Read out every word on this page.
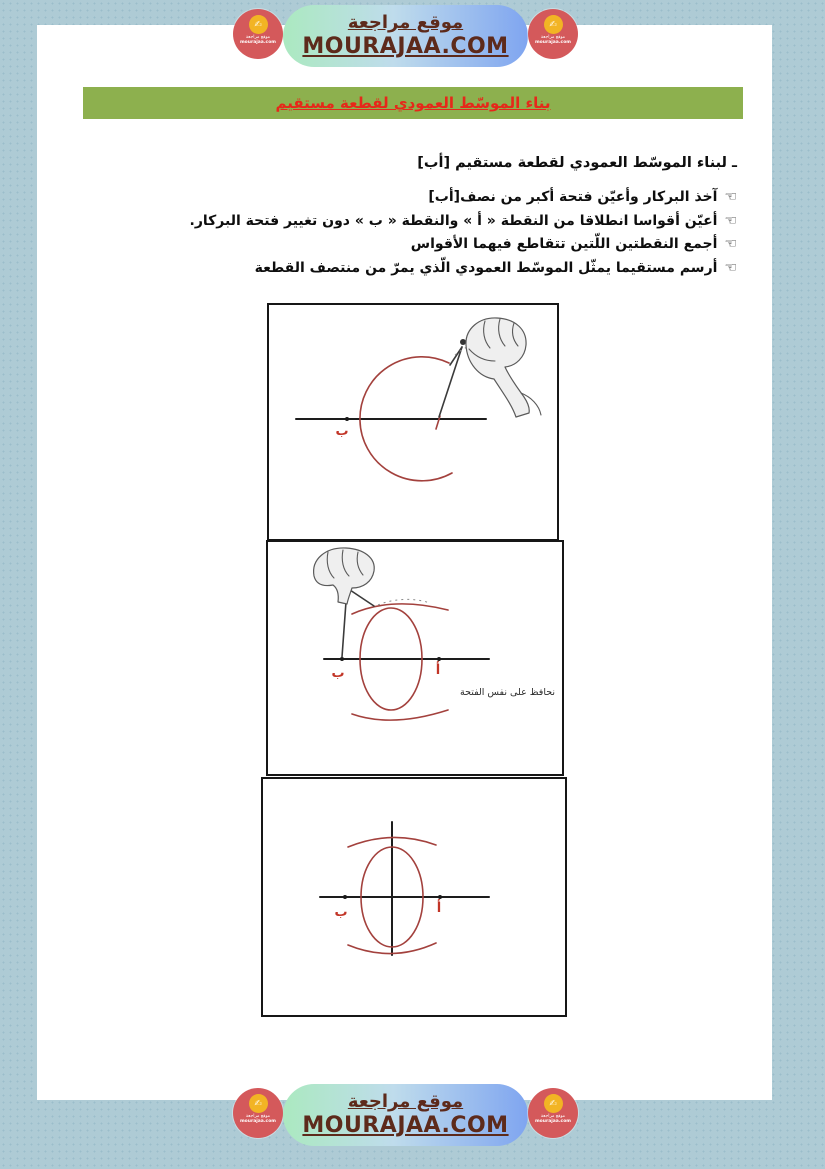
✍
موقع مراجعة
mourajaa.com
موقع مراجعة
MOURAJAA.COM
✍
موقع مراجعة
mourajaa.com
بناء الموسّط العمودي لقطعة مستقيم
ـ لبناء الموسّط العمودي لقطعة مستقيم [أب]
☜آخذ البركار وأعيّن فتحة أكبر من نصف[أب]
☜أعيّن أقواسا انطلاقا من النقطة « أ » والنقطة « ب » دون تغيير فتحة البركار.
☜أجمع النقطتين اللّتين تتقاطع فيهما الأقواس
☜أرسم مستقيما يمثّل الموسّط العمودي الّذي يمرّ من منتصف القطعة
ب
ب	أ
نحافظ على نفس الفتحة
ب	أ
✍
موقع مراجعة
mourajaa.com
موقع مراجعة
MOURAJAA.COM
✍
موقع مراجعة
mourajaa.com
